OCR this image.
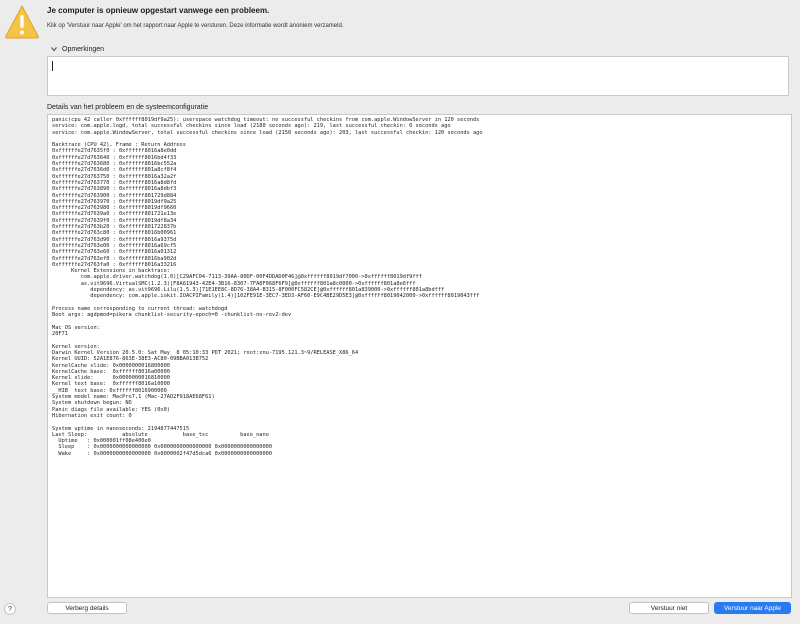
Je computer is opnieuw opgestart vanwege een probleem.
Klik op 'Verstuur naar Apple' om het rapport naar Apple te versturen. Deze informatie wordt anoniem verzameld.
Opmerkingen
Details van het probleem en de systeemconfiguratie
panic(cpu 42 caller 0xffffff8019df9a25): userspace watchdog timeout: no successful checkins from com.apple.WindowServer in 120 seconds
service: com.apple.logd, total successful checkins since load (2180 seconds ago): 219, last successful checkin: 0 seconds ago
service: com.apple.WindowServer, total successful checkins since load (2150 seconds ago): 203, last successful checkin: 120 seconds ago

Backtrace (CPU 42), Frame : Return Address
0xffffffe27d7635f0 : 0xffffff8016a8e0dd
0xffffffe27d763640 : 0xffffff8016bd4f33
0xffffffe27d763680 : 0xffffff8016bc552a
0xffffffe27d7636d0 : 0xffffff801a8cf8f4
0xffffffe27d763750 : 0xffffff8016a32a2f
0xffffffe27d763770 : 0xffffff8016a8d8fd
0xffffffe27d763890 : 0xffffff8016a8dbf3
0xffffffe27d763900 : 0xffffff801729d884
0xffffffe27d763970 : 0xffffff8019df9a25
0xffffffe27d763980 : 0xffffff8019df9660
0xffffffe27d7639a0 : 0xffffff801721e13e
0xffffffe27d7639f0 : 0xffffff8019df8a34
0xffffffe27d763b20 : 0xffffff801722837b
0xffffffe27d763c80 : 0xffffff8016b00961
0xffffffe27d763d90 : 0xffffff8016a9375d
0xffffffe27d763e00 : 0xffffff8016a69cf5
0xffffffe27d763e60 : 0xffffff8016a01312
0xffffffe27d763ef0 : 0xffffff8016ba902d
0xffffffe27d763fa0 : 0xffffff8016a33216
Kernel Extensions in backtrace:
com.apple.driver.watchdog(1.0)[C29AFC04-7113-39AA-80DF-00F4DDAD0F46]@0xffffff8019df7000->0xffffff8019df9fff
as.vit9696.VirtualSMC(1.2.3)[F8A61943-42E4-3B16-8307-7FA8F068F6F9]@0xffffff801a8c0000->0xffffff801a8e6fff
dependency: as.vit9696.Lilu(1.5.3)[71E1EE8C-8D76-38A4-B315-8F000FC582CE]@0xffffff801a839000->0xffffff801a8bdfff
dependency: com.apple.iokit.IOACPIFamily(1.4)[102FE91E-3EC7-3ED3-AF60-E9C4BE29D5E3]@0xffffff8019042000->0xffffff8019043fff

Process name corresponding to current thread: watchdogd
Boot args: agdpmod=pikera chunklist-security-epoch=0 -chunklist-no-rev2-dev

Mac OS version:
20F71

Kernel version:
Darwin Kernel Version 20.5.0: Sat May  8 05:10:33 PDT 2021; root:xnu-7195.121.3~9/RELEASE_X86_64
Kernel UUID: 52A1E876-863E-38E3-AC80-09BBA013B752
KernelCache slide: 0x0000000016800000
KernelCache base:  0xffffff8016a00000
Kernel slide:      0x0000000016810000
Kernel text base:  0xffffff8016a10000
__HIB  text base: 0xffffff8016900000
System model name: MacPro7,1 (Mac-27AD2F918AE68F61)
System shutdown begun: NO
Panic diags file available: YES (0x0)
Hibernation exit count: 0

System uptime in nanoseconds: 2194877447515
Last Sleep:           absolute           base_tsc          base_nano
Uptime   : 0x000001ff08e400e0
Sleep    : 0x0000000000000000 0x0000000000000000 0x0000000000000000
Wake     : 0x0000000000000000 0x0000002f47d5dca6 0x0000000000000000
?	Verberg details	Verstuur niet	Verstuur naar Apple
